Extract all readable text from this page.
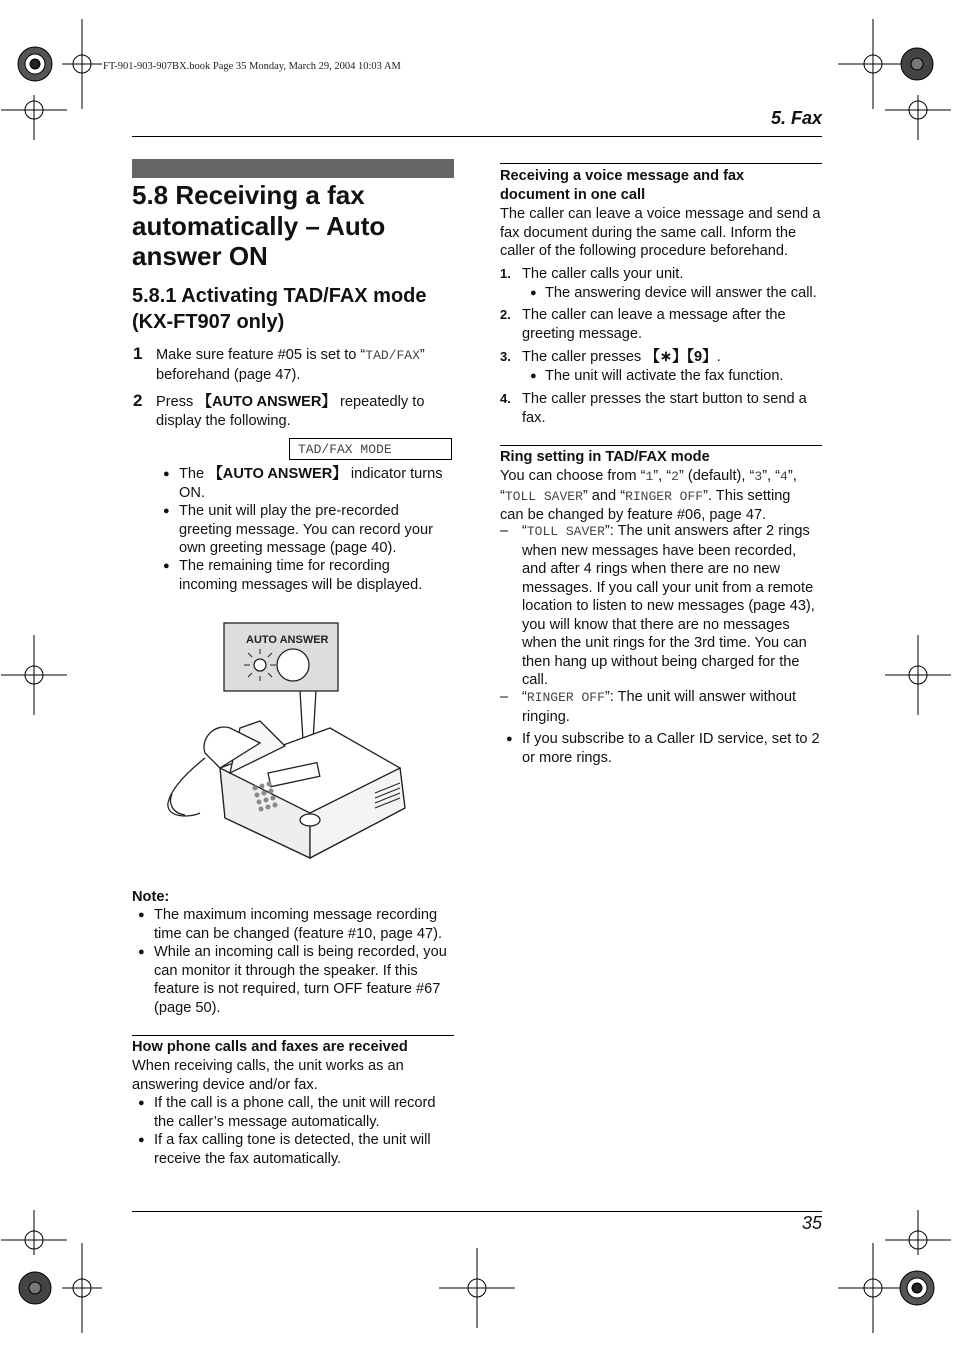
FT-901-903-907BX.book Page 35 Monday, March 29, 2004 10:03 AM
5. Fax
5.8 Receiving a fax automatically – Auto answer ON
5.8.1 Activating TAD/FAX mode (KX-FT907 only)
1 Make sure feature #05 is set to “TAD/FAX” beforehand (page 47).
2 Press 【AUTO ANSWER】 repeatedly to display the following.
TAD/FAX MODE
● The 【AUTO ANSWER】 indicator turns ON.
● The unit will play the pre-recorded greeting message. You can record your own greeting message (page 40).
● The remaining time for recording incoming messages will be displayed.
AUTO ANSWER
Note:
● The maximum incoming message recording time can be changed (feature #10, page 47).
● While an incoming call is being recorded, you can monitor it through the speaker. If this feature is not required, turn OFF feature #67 (page 50).
How phone calls and faxes are received
When receiving calls, the unit works as an answering device and/or fax.
● If the call is a phone call, the unit will record the caller’s message automatically.
● If a fax calling tone is detected, the unit will receive the fax automatically.
Receiving a voice message and fax document in one call
The caller can leave a voice message and send a fax document during the same call. Inform the caller of the following procedure beforehand.
1. The caller calls your unit.
● The answering device will answer the call.
2. The caller can leave a message after the greeting message.
3. The caller presses 【∗】【9】.
● The unit will activate the fax function.
4. The caller presses the start button to send a fax.
Ring setting in TAD/FAX mode
You can choose from “1”, “2” (default), “3”, “4”,
“TOLL SAVER” and “RINGER OFF”. This setting
can be changed by feature #06, page 47.
– “TOLL SAVER”: The unit answers after 2 rings when new messages have been recorded, and after 4 rings when there are no new messages. If you call your unit from a remote location to listen to new messages (page 43), you will know that there are no messages when the unit rings for the 3rd time. You can then hang up without being charged for the call.
– “RINGER OFF”: The unit will answer without ringing.
● If you subscribe to a Caller ID service, set to 2 or more rings.
35
